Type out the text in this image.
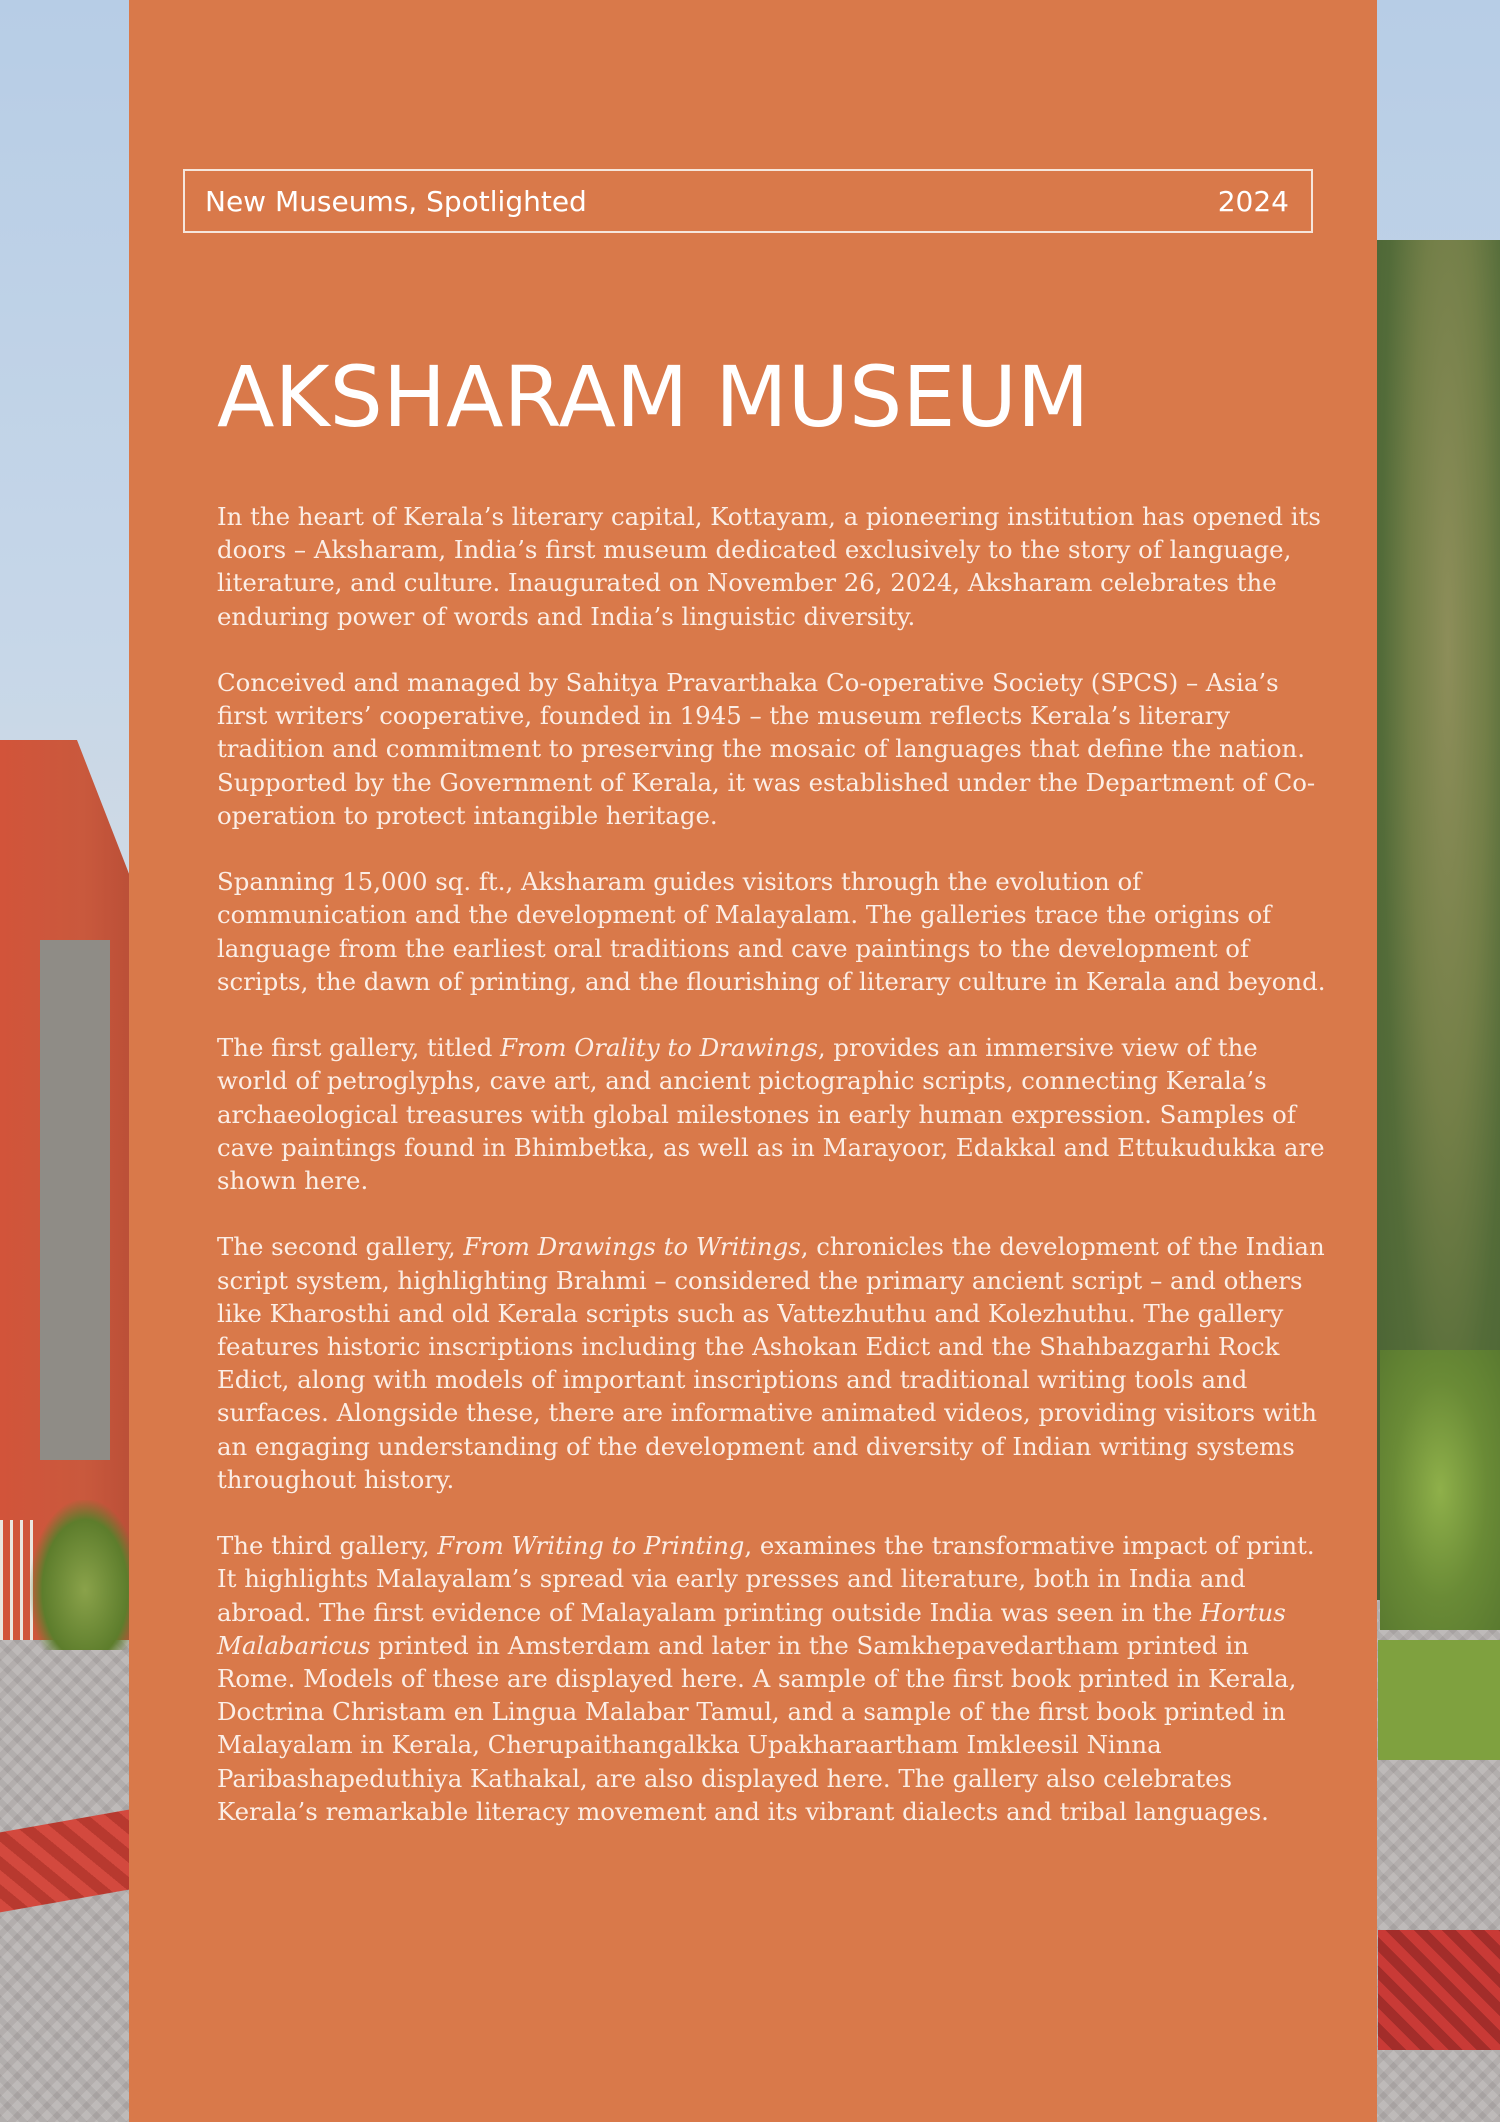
New Museums, Spotlighted	2024
AKSHARAM MUSEUM

In the heart of Kerala’s literary capital, Kottayam, a pioneering institution has opened its doors – Aksharam, India’s first museum dedicated exclusively to the story of language, literature, and culture. Inaugurated on November 26, 2024, Aksharam celebrates the enduring power of words and India’s linguistic diversity.

Conceived and managed by Sahitya Pravarthaka Co-operative Society (SPCS) – Asia’s first writers’ cooperative, founded in 1945 – the museum reflects Kerala’s literary tradition and commitment to preserving the mosaic of languages that define the nation. Supported by the Government of Kerala, it was established under the Department of Co-operation to protect intangible heritage.

Spanning 15,000 sq. ft., Aksharam guides visitors through the evolution of communication and the development of Malayalam. The galleries trace the origins of language from the earliest oral traditions and cave paintings to the development of scripts, the dawn of printing, and the flourishing of literary culture in Kerala and beyond.

The first gallery, titled From Orality to Drawings, provides an immersive view of the world of petroglyphs, cave art, and ancient pictographic scripts, connecting Kerala’s archaeological treasures with global milestones in early human expression. Samples of cave paintings found in Bhimbetka, as well as in Marayoor, Edakkal and Ettukudukka are shown here.

The second gallery, From Drawings to Writings, chronicles the development of the Indian script system, highlighting Brahmi – considered the primary ancient script – and others like Kharosthi and old Kerala scripts such as Vattezhuthu and Kolezhuthu. The gallery features historic inscriptions including the Ashokan Edict and the Shahbazgarhi Rock Edict, along with models of important inscriptions and traditional writing tools and surfaces. Alongside these, there are informative animated videos, providing visitors with an engaging understanding of the development and diversity of Indian writing systems throughout history.

The third gallery, From Writing to Printing, examines the transformative impact of print. It highlights Malayalam’s spread via early presses and literature, both in India and abroad. The first evidence of Malayalam printing outside India was seen in the Hortus Malabaricus printed in Amsterdam and later in the Samkhepavedartham printed in Rome. Models of these are displayed here. A sample of the first book printed in Kerala, Doctrina Christam en Lingua Malabar Tamul, and a sample of the first book printed in Malayalam in Kerala, Cherupaithangalkka Upakharaartham Imkleesil Ninna Paribashapeduthiya Kathakal, are also displayed here. The gallery also celebrates Kerala’s remarkable literacy movement and its vibrant dialects and tribal languages.
